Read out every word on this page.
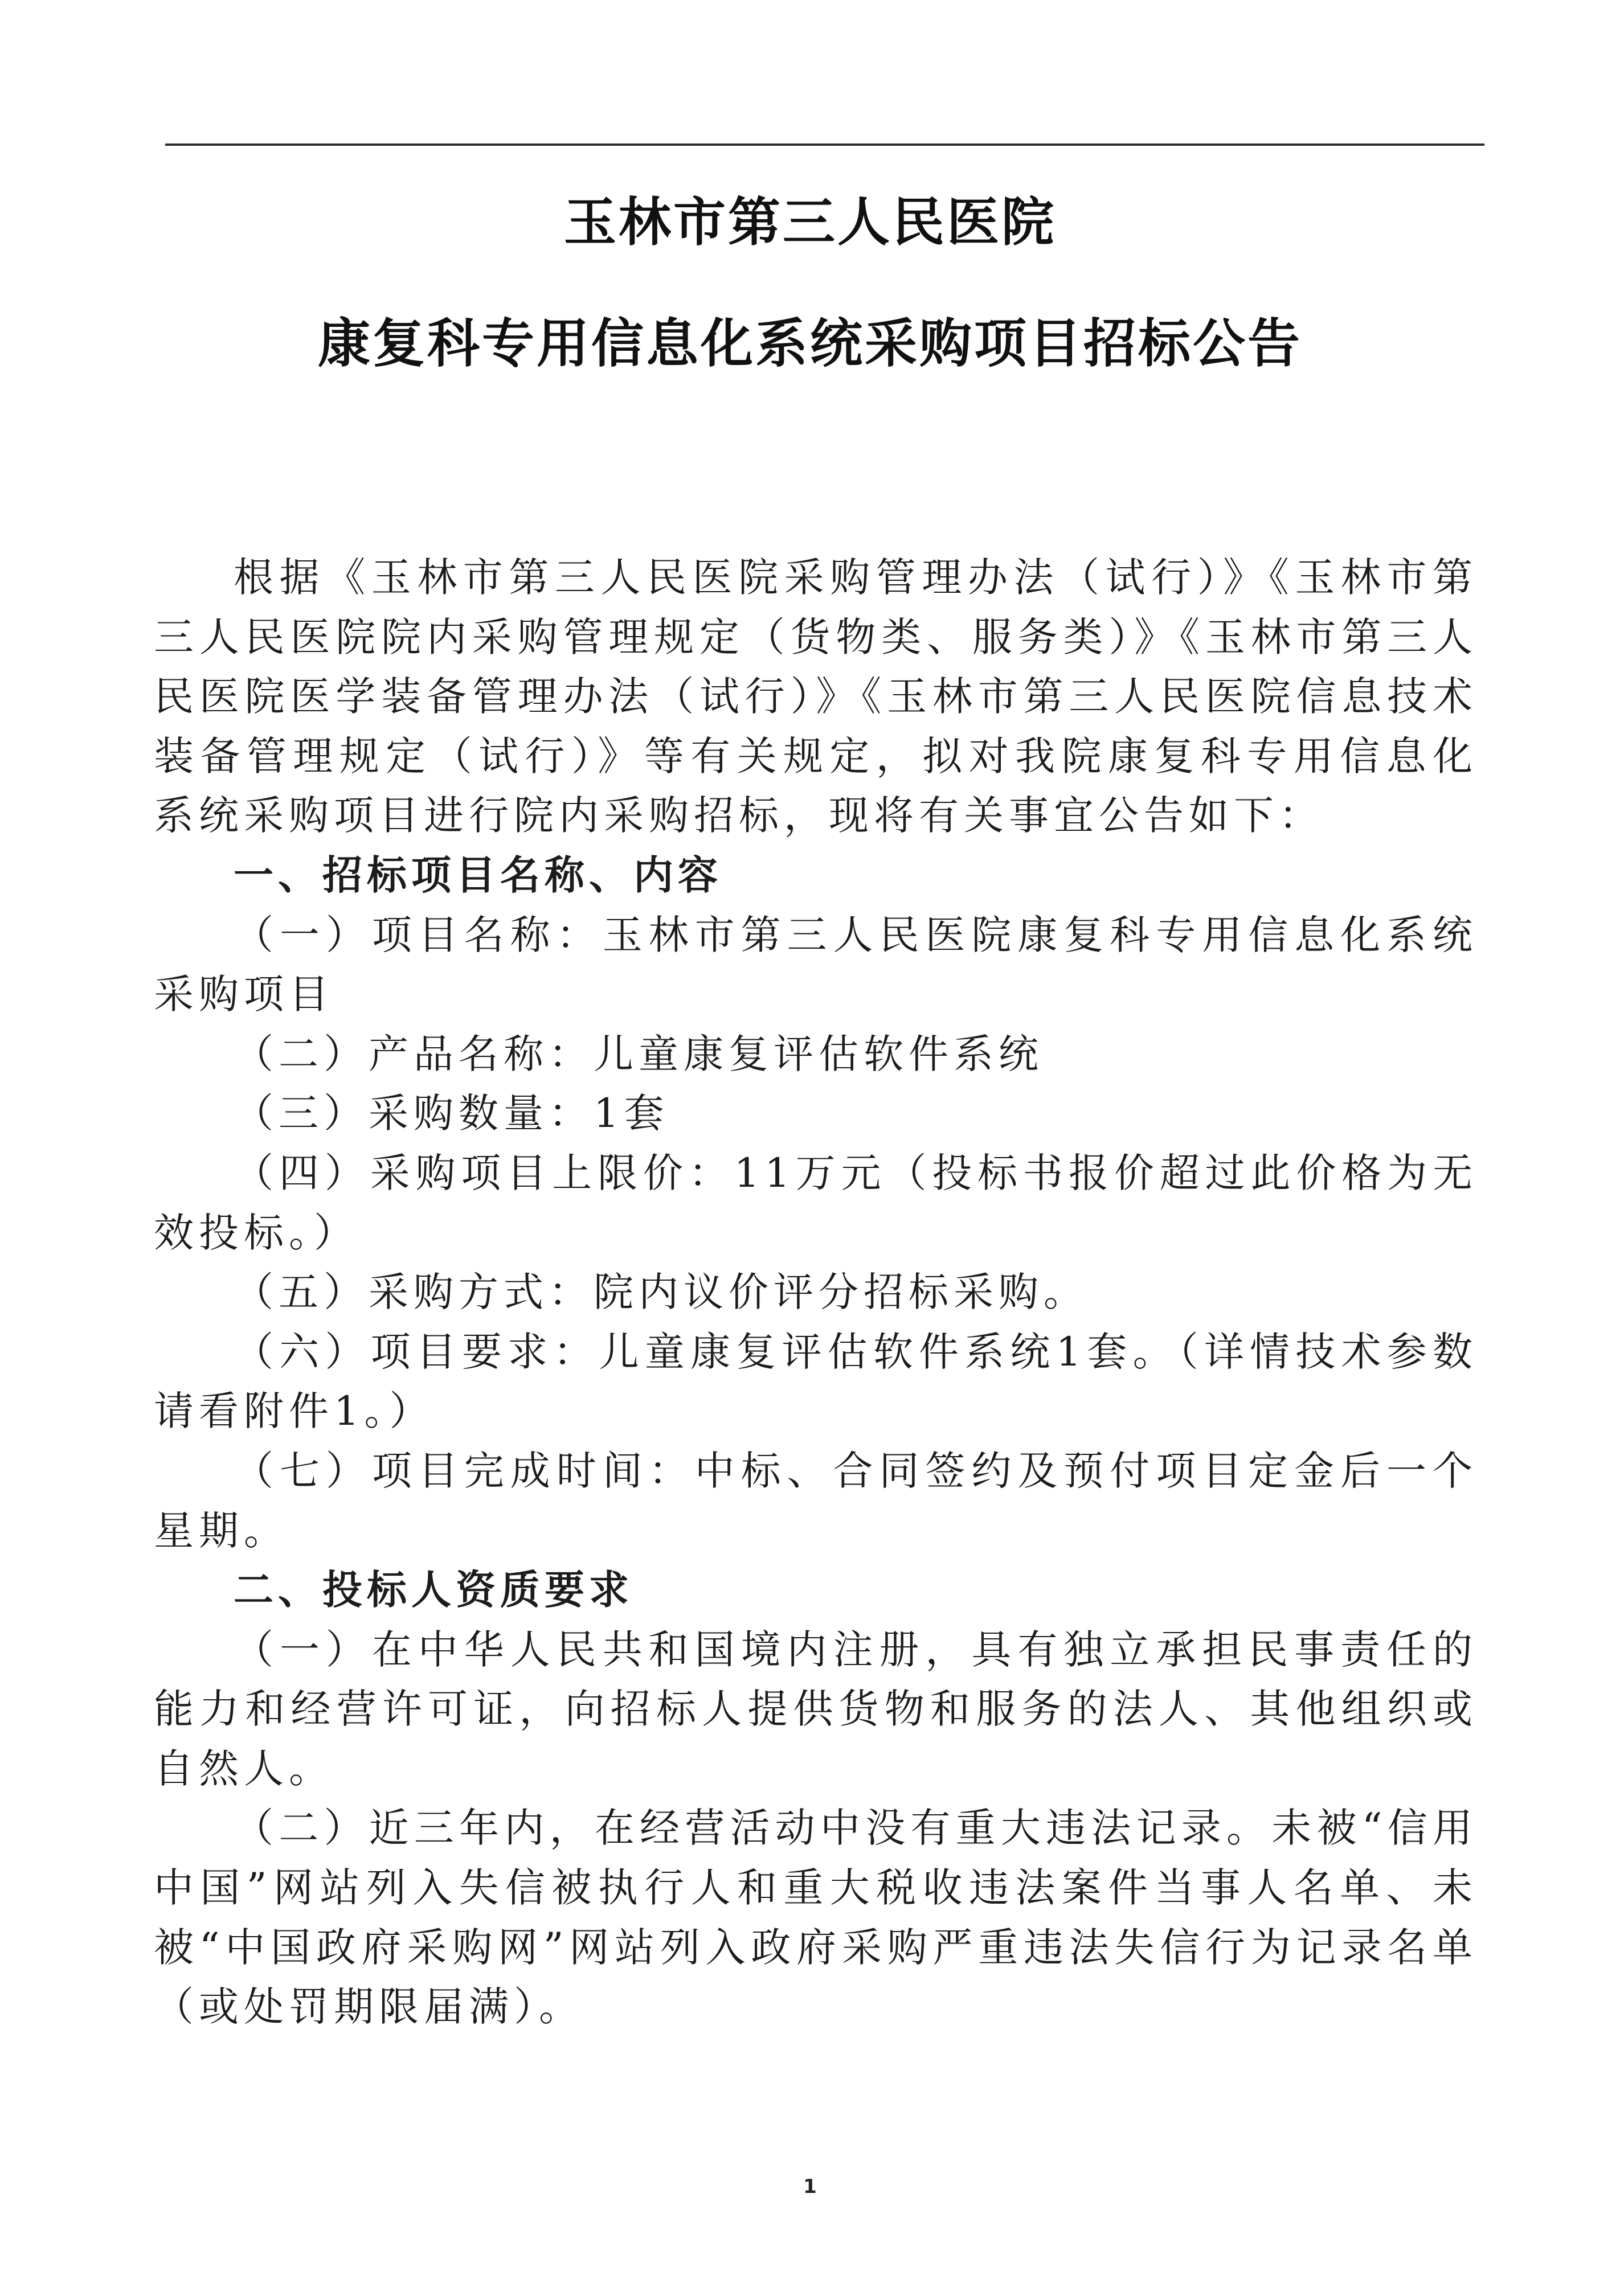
玉林市第三人民医院
康复科专用信息化系统采购项目招标公告

根据《玉林市第三人民医院采购管理办法（试行）》《玉林市第三人民医院院内采购管理规定（货物类、服务类）》《玉林市第三人民医院医学装备管理办法（试行）》《玉林市第三人民医院信息技术装备管理规定（试行）》等有关规定，拟对我院康复科专用信息化系统采购项目进行院内采购招标，现将有关事宜公告如下：

一、招标项目名称、内容

（一）项目名称：玉林市第三人民医院康复科专用信息化系统采购项目

（二）产品名称：儿童康复评估软件系统

（三）采购数量：1套

（四）采购项目上限价：11万元（投标书报价超过此价格为无效投标。）

（五）采购方式：院内议价评分招标采购。

（六）项目要求：儿童康复评估软件系统1套。（详情技术参数请看附件1。）

（七）项目完成时间：中标、合同签约及预付项目定金后一个星期。

二、投标人资质要求

（一）在中华人民共和国境内注册，具有独立承担民事责任的能力和经营许可证，向招标人提供货物和服务的法人、其他组织或自然人。

（二）近三年内，在经营活动中没有重大违法记录。未被“信用中国”网站列入失信被执行人和重大税收违法案件当事人名单、未被“中国政府采购网”网站列入政府采购严重违法失信行为记录名单（或处罚期限届满）。

1
